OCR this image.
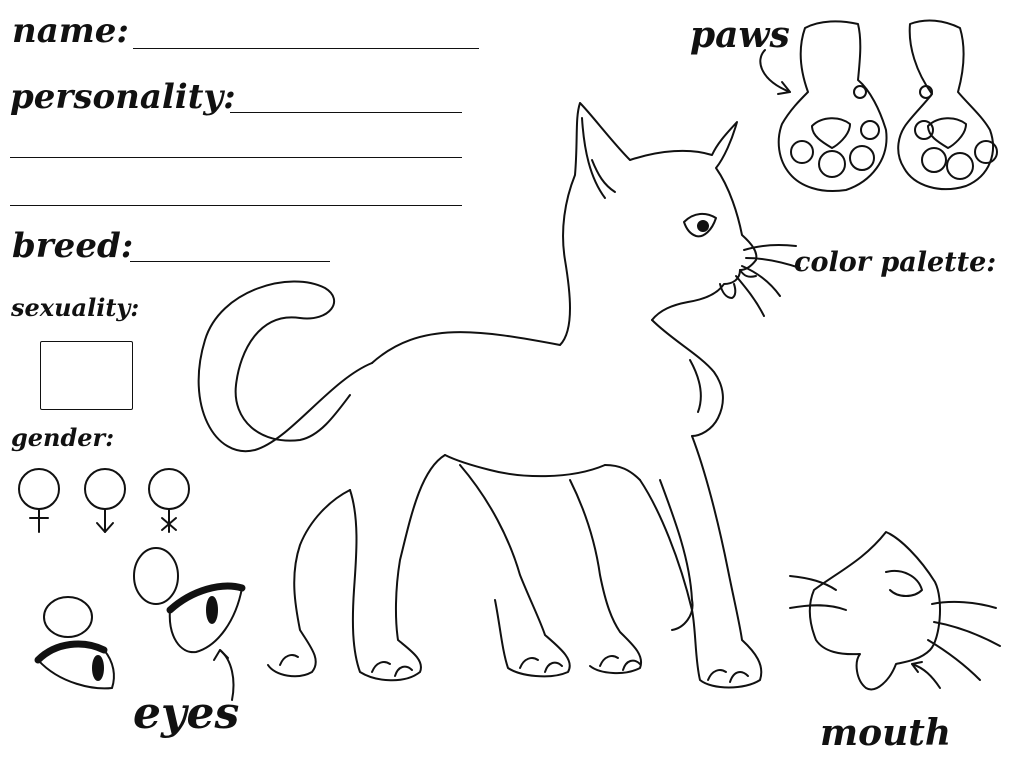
name:
personality:
breed:
sexuality:
gender:
paws
color palette:
eyes	mouth
